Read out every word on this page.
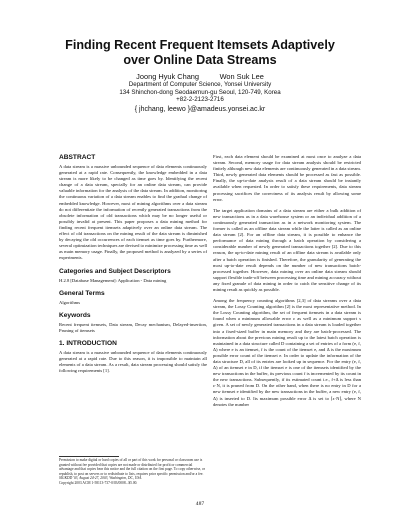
Finding Recent Frequent Itemsets Adaptively
over Online Data Streams
Joong Hyuk Chang          Won Suk Lee
Department of Computer Science, Yonsei University
134 Shinchon-dong Seodaemun-gu Seoul, 120-749, Korea
+82-2-2123-2716
{ jhchang, leewo }@amadeus.yonsei.ac.kr
ABSTRACT

A data stream is a massive unbounded sequence of data elements continuously generated at a rapid rate. Consequently, the knowledge embedded in a data stream is more likely to be changed as time goes by. Identifying the recent change of a data stream, specially for an online data stream, can provide valuable information for the analysis of the data stream. In addition, monitoring the continuous variation of a data stream enables to find the gradual change of embedded knowledge. However, most of mining algorithms over a data stream do not differentiate the information of recently generated transactions from the obsolete information of old transactions which may be no longer useful or possibly invalid at present. This paper proposes a data mining method for finding recent frequent itemsets adaptively over an online data stream. The effect of old transactions on the mining result of the data stream is diminished by decaying the old occurrences of each itemset as time goes by. Furthermore, several optimization techniques are devised to minimize processing time as well as main memory usage. Finally, the proposed method is analyzed by a series of experiments.

Categories and Subject Descriptors

H.2.8 [Database Management]: Application - Data mining

General Terms

Algorithms

Keywords

Recent frequent itemsets, Data stream, Decay mechanism, Delayed-insertion, Pruning of itemsets

1. INTRODUCTION

A data stream is a massive unbounded sequence of data elements continuously generated at a rapid rate. Due to this reason, it is impossible to maintain all elements of a data stream. As a result, data stream processing should satisfy the following requirements [1].

Permission to make digital or hard copies of all or part of this work for personal or classroom use is granted without fee provided that copies are not made or distributed for profit or commercial advantage and that copies bear this notice and the full citation on the first page. To copy otherwise, or republish, to post on servers or to redistribute to lists, requires prior specific permission and/or a fee.
SIGKDD '03, August 24-27, 2003, Washington, DC, USA.
Copyright 2003 ACM 1-58113-737-0/03/0008...$5.00.

First, each data element should be examined at most once to analyze a data stream. Second, memory usage for data stream analysis should be restricted finitely although new data elements are continuously generated in a data stream. Third, newly generated data elements should be processed as fast as possible. Finally, the up-to-date analysis result of a data stream should be instantly available when requested. In order to satisfy these requirements, data stream processing sacrifices the correctness of its analysis result by allowing some error.

The target application domains of a data stream are either a bulk addition of new transactions as in a data warehouse system or an individual addition of a continuously generated transaction as in a network monitoring system. The former is called as an offline data stream while the latter is called as an online data stream [2]. For an offline data stream, it is possible to enhance the performance of data mining through a batch operation by considering a considerable number of newly generated transactions together [2]. Due to this reason, the up-to-date mining result of an offline data stream is available only after a batch operation is finished. Therefore, the granularity of generating the most up-to-date result depends on the number of new transactions batch-processed together. However, data mining over an online data stream should support flexible trade-off between processing time and mining accuracy without any fixed granule of data mining in order to catch the sensitive change of its mining result as quickly as possible.

Among the frequency counting algorithms [2,3] of data streams over a data stream, the Lossy Counting algorithm [2] is the most representative method. In the Lossy Counting algorithm, the set of frequent itemsets in a data stream is found when a minimum allowable error ε as well as a minimum support s given. A set of newly generated transactions in a data stream is loaded together into a fixed-sized buffer in main memory and they are batch-processed. The information about the previous mining result up to the latest batch operation is maintained in a data structure called D containing a set of entries of a form (e, f, Δ) where e is an itemset, f is the count of the itemset e, and Δ is the maximum possible error count of the itemset e. In order to update the information of the data structure D, all of its entries are looked up in sequence. For the entry (e, f, Δ) of an itemset e in D, if the itemset e is one of the itemsets identified by the new transactions in the buffer, its previous count f is incremented by its count in the new transactions. Subsequently, if its estimated count i.e., f+Δ is less than ε·N, it is pruned from D. On the other hand, when there is no entry in D for a new itemset e identified by the new transactions in the buffer, a new entry (e, f, Δ) is inserted to D. Its maximum possible error Δ is set to ⌈ε·N⌉, where N denotes the number

487
